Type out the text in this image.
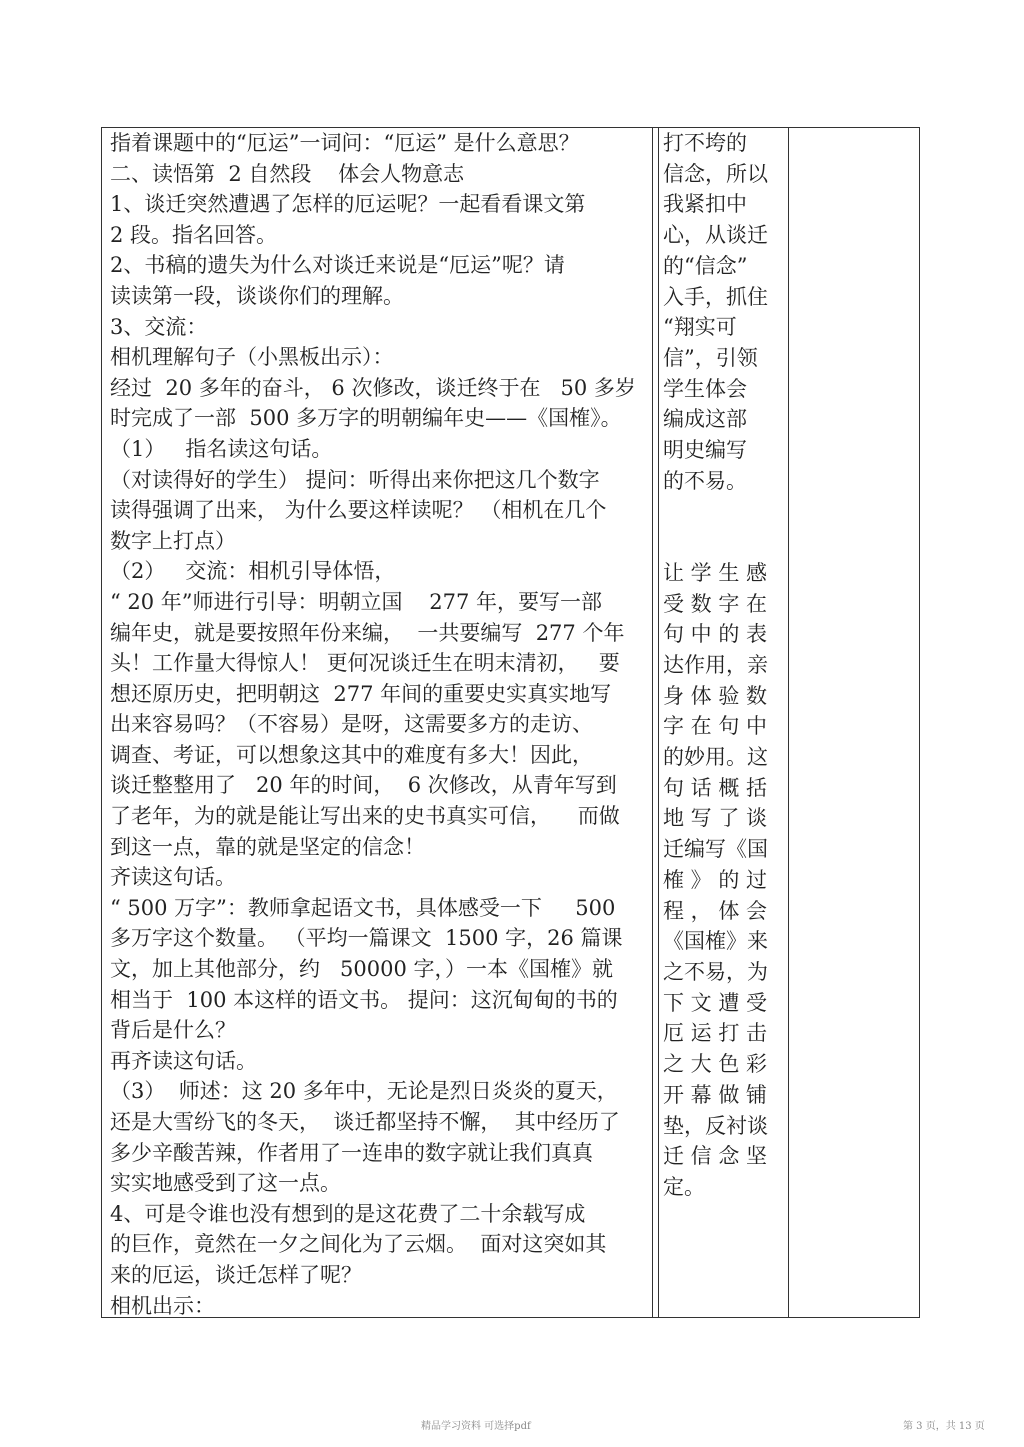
指着课题中的“厄运”一词问：“厄运” 是什么意思？
二、读悟第  2 自然段    体会人物意志
1、谈迁突然遭遇了怎样的厄运呢？一起看看课文第
2 段。指名回答。
2、书稿的遗失为什么对谈迁来说是“厄运”呢？请
读读第一段，谈谈你们的理解。
3、交流：
相机理解句子（小黑板出示）：
经过  20 多年的奋斗， 6 次修改，谈迁终于在   50 多岁
时完成了一部  500 多万字的明朝编年史——《国榷》。
（1）   指名读这句话。
（对读得好的学生） 提问：听得出来你把这几个数字
读得强调了出来， 为什么要这样读呢？ （相机在几个
数字上打点）
（2）   交流：相机引导体悟，
“ 20 年”师进行引导：明朝立国    277 年，要写一部
编年史，就是要按照年份来编，  一共要编写  277 个年
头！工作量大得惊人！ 更何况谈迁生在明末清初，   要
想还原历史，把明朝这  277 年间的重要史实真实地写
出来容易吗？（不容易）是呀，这需要多方的走访、
调查、考证，可以想象这其中的难度有多大！因此，
谈迁整整用了   20 年的时间，  6 次修改，从青年写到
了老年，为的就是能让写出来的史书真实可信，    而做
到这一点，靠的就是坚定的信念！
齐读这句话。
“ 500 万字”：教师拿起语文书，具体感受一下     500
多万字这个数量。 （平均一篇课文  1500 字，26 篇课
文，加上其他部分，约   50000 字，）一本《国榷》就
相当于  100 本这样的语文书。 提问：这沉甸甸的书的
背后是什么？
再齐读这句话。
（3）  师述：这 20 多年中，无论是烈日炎炎的夏天，
还是大雪纷飞的冬天，  谈迁都坚持不懈，  其中经历了
多少辛酸苦辣，作者用了一连串的数字就让我们真真
实实地感受到了这一点。
4、可是令谁也没有想到的是这花费了二十余载写成
的巨作，竟然在一夕之间化为了云烟。  面对这突如其
来的厄运，谈迁怎样了呢？
相机出示：
打不垮的
信念，所以
我紧扣中
心，从谈迁
的“信念”
入手，抓住
“翔实可
信”，引领
学生体会
编成这部
明史编写
的不易。

让 学 生 感
受 数 字 在
句 中 的 表
达作用，亲
身 体 验 数
字 在 句 中
的妙用。这
句 话 概 括
地 写 了 谈
迁编写《国
榷 》 的 过
程 ， 体 会
《国榷》来
之不易，为
下 文 遭 受
厄 运 打 击
之 大 色 彩
开 幕 做 铺
垫，反衬谈
迁 信 念 坚
定。
精品学习资料 可选择pdf	第 3 页，共 13 页
